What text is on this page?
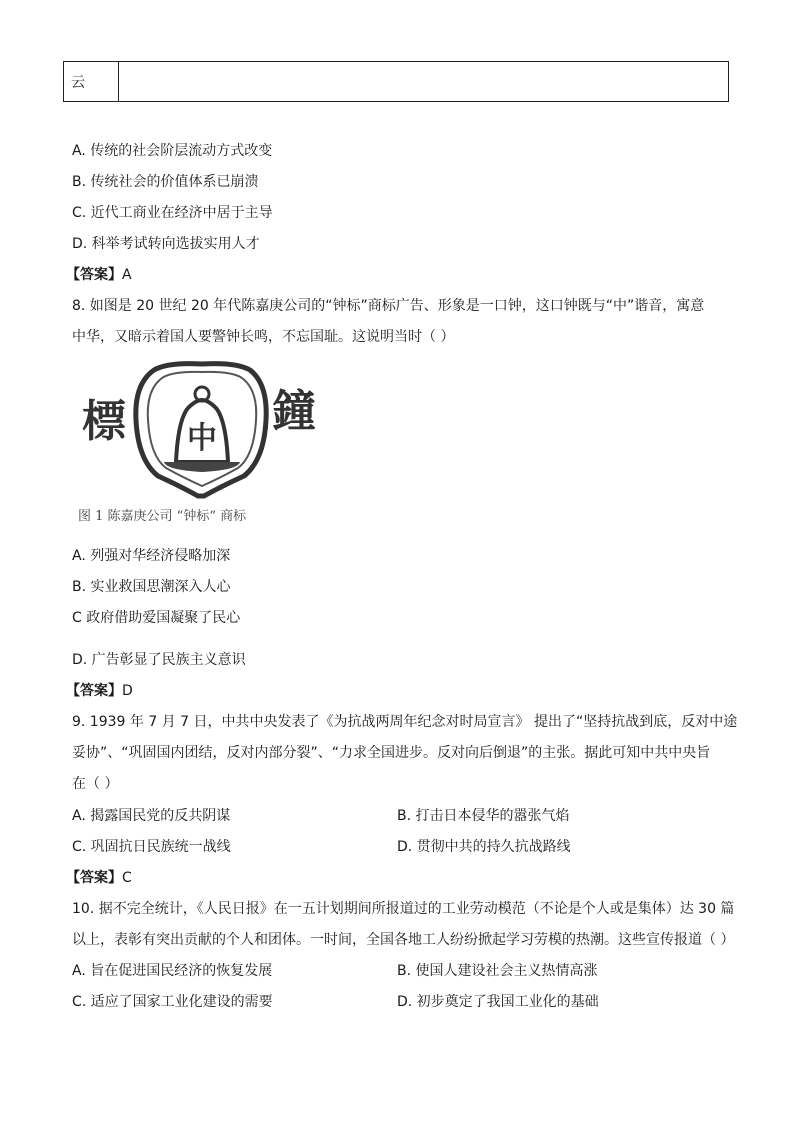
云
A. 传统的社会阶层流动方式改变
B. 传统社会的价值体系已崩溃
C. 近代工商业在经济中居于主导
D. 科举考试转向选拔实用人才
【答案】A
8. 如图是 20 世纪 20 年代陈嘉庚公司的“钟标”商标广告、形象是一口钟，这口钟既与“中”谐音，寓意
中华，又暗示着国人要警钟长鸣，不忘国耻。这说明当时（ ）
標 中
鐘
图 1 陈嘉庚公司 “钟标” 商标
A. 列强对华经济侵略加深
B. 实业救国思潮深入人心
C 政府借助爱国凝聚了民心
D. 广告彰显了民族主义意识
【答案】D
9. 1939 年 7 月 7 日，中共中央发表了《为抗战两周年纪念对时局宣言》 提出了“坚持抗战到底，反对中途
妥协”、“巩固国内团结，反对内部分裂”、“力求全国进步。反对向后倒退”的主张。据此可知中共中央旨
在（ ）
A. 揭露国民党的反共阴谋	B. 打击日本侵华的嚣张气焰
C. 巩固抗日民族统一战线	D. 贯彻中共的持久抗战路线
【答案】C
10. 据不完全统计，《人民日报》在一五计划期间所报道过的工业劳动模范（不论是个人或是集体）达 30 篇
以上，表彰有突出贡献的个人和团体。一时间，全国各地工人纷纷掀起学习劳模的热潮。这些宣传报道（ ）
A. 旨在促进国民经济的恢复发展	B. 使国人建设社会主义热情高涨
C. 适应了国家工业化建设的需要	D. 初步奠定了我国工业化的基础
